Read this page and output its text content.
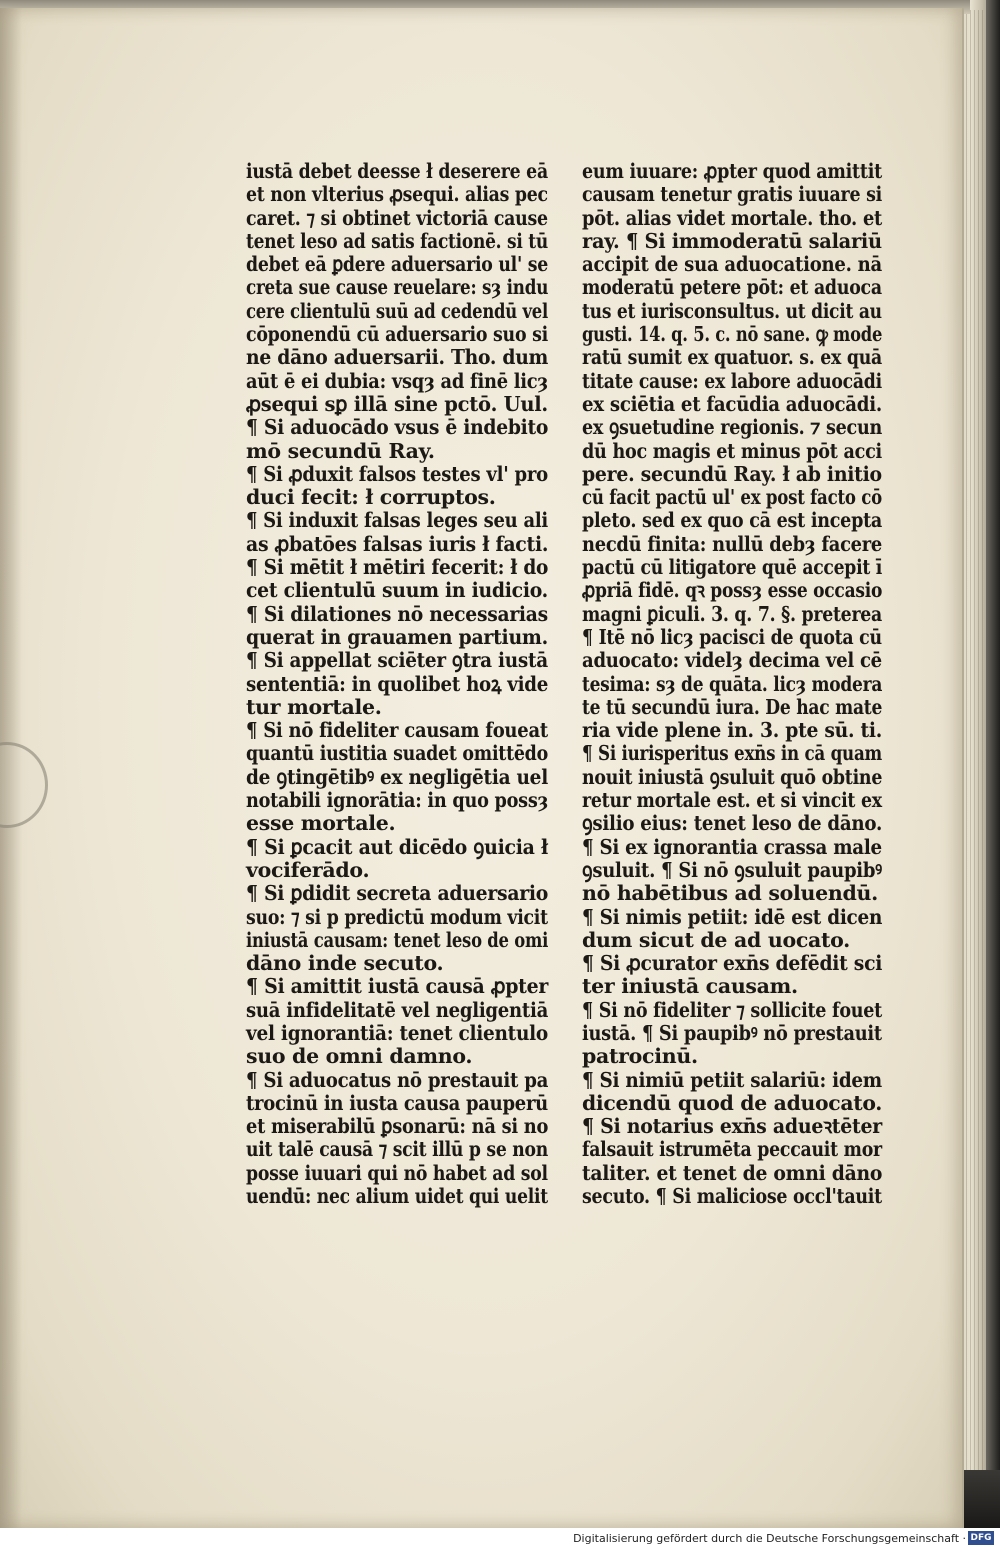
iustā debet deesse ł deserere eā
et non vlterius ꝓsequi. alias pec
caret. ⁊ si obtinet victoriā cause
tenet leso ad satis factionē. si tū
debet eā ꝑdere aduersario ul' se
creta sue cause reuelare: sȝ indu
cere clientulū suū ad cedendū vel
cōponendū cū aduersario suo si
ne dāno aduersarii. Tho. dum
aūt ē ei dubia: vsqȝ ad finē licȝ
ꝓsequi sꝑ illā sine pctō. Uul.
¶ Si aduocādo vsus ē indebito
mō secundū Ray.
¶ Si ꝓduxit falsos testes vl' pro
duci fecit: ł corruptos.
¶ Si induxit falsas leges seu ali
as ꝓbatōes falsas iuris ł facti.
¶ Si mētit ł mētiri fecerit: ł do
cet clientulū suum in iudicio.
¶ Si dilationes nō necessarias
querat in grauamen partium.
¶ Si appellat sciēter ꝯtra iustā
sententiā: in quolibet hoꝝ vide
tur mortale.
¶ Si nō fideliter causam foueat
quantū iustitia suadet omittēdo
de ꝯtingētibꝰ ex negligētia uel
notabili ignorātia: in quo possȝ
esse mortale.
¶ Si ꝑcacit aut dicēdo ꝯuicia ł
vociferādo.
¶ Si ꝑdidit secreta aduersario
suo: ⁊ si p predictū modum vicit
iniustā causam: tenet leso de omi
dāno inde secuto.
¶ Si amittit iustā causā ꝓpter
suā infidelitatē vel negligentiā
vel ignorantiā: tenet clientulo
suo de omni damno.
¶ Si aduocatus nō prestauit pa
trocinū in iusta causa pauperū
et miserabilū ꝑsonarū: nā si no
uit talē causā ⁊ scit illū p se non
posse iuuari qui nō habet ad sol
uendū: nec alium uidet qui uelit
eum iuuare: ꝓpter quod amittit
causam tenetur gratis iuuare si
pōt. alias videt mortale. tho. et
ray. ¶ Si immoderatū salariū
accipit de sua aduocatione. nā
moderatū petere pōt: et aduoca
tus et iurisconsultus. ut dicit au
gusti. 14. q. 5. c. nō sane. ꝙ mode
ratū sumit ex quatuor. s. ex quā
titate cause: ex labore aduocādi
ex sciētia et facūdia aduocādi.
ex ꝯsuetudine regionis. ⁊ secun
dū hoc magis et minus pōt acci
pere. secundū Ray. ł ab initio
cū facit pactū ul' ex post facto cō
pleto. sed ex quo cā est incepta
necdū finita: nullū debȝ facere
pactū cū litigatore quē accepit ī
ꝓpriā fidē. qꝛ possȝ esse occasio
magni ꝑiculi. 3. q. 7. §. preterea
¶ Itē nō licȝ pacisci de quota cū
aduocato: videlȝ decima vel cē
tesima: sȝ de quāta. licȝ modera
te tū secundū iura. De hac mate
ria vide plene in. 3. pte sū. ti.
¶ Si iurisperitus exn̄s in cā quam
nouit iniustā ꝯsuluit quō obtine
retur mortale est. et si vincit ex
ꝯsilio eius: tenet leso de dāno.
¶ Si ex ignorantia crassa male
ꝯsuluit. ¶ Si nō ꝯsuluit paupibꝰ
nō habētibus ad soluendū.
¶ Si nimis petiit: idē est dicen
dum sicut de ad uocato.
¶ Si ꝓcurator exn̄s defēdit sci
ter iniustā causam.
¶ Si nō fideliter ⁊ sollicite fouet
iustā. ¶ Si paupibꝰ nō prestauit
patrocinū.
¶ Si nimiū petiit salariū: idem
dicendū quod de aduocato.
¶ Si notarius exn̄s adueꝛtēter
falsauit istrumēta peccauit mor
taliter. et tenet de omni dāno
secuto. ¶ Si maliciose occl'tauit
Digitalisierung gefördert durch die Deutsche Forschungsgemeinschaft · DFG
